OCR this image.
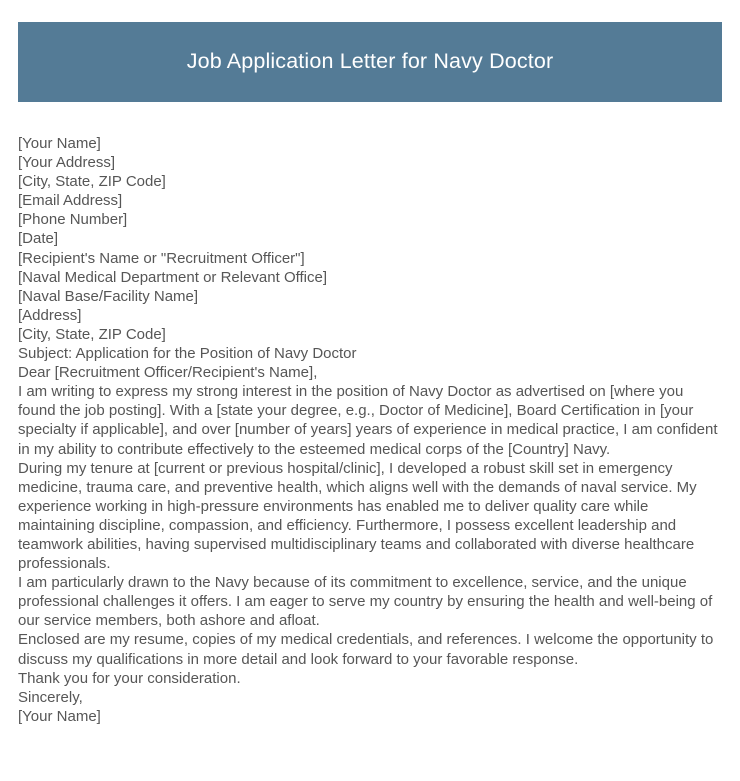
Job Application Letter for Navy Doctor
[Your Name]
[Your Address]
[City, State, ZIP Code]
[Email Address]
[Phone Number]
[Date]
[Recipient's Name or "Recruitment Officer"]
[Naval Medical Department or Relevant Office]
[Naval Base/Facility Name]
[Address]
[City, State, ZIP Code]
Subject: Application for the Position of Navy Doctor
Dear [Recruitment Officer/Recipient's Name],

I am writing to express my strong interest in the position of Navy Doctor as advertised on [where you found the job posting]. With a [state your degree, e.g., Doctor of Medicine], Board Certification in [your specialty if applicable], and over [number of years] years of experience in medical practice, I am confident in my ability to contribute effectively to the esteemed medical corps of the [Country] Navy.

During my tenure at [current or previous hospital/clinic], I developed a robust skill set in emergency medicine, trauma care, and preventive health, which aligns well with the demands of naval service. My experience working in high-pressure environments has enabled me to deliver quality care while maintaining discipline, compassion, and efficiency. Furthermore, I possess excellent leadership and teamwork abilities, having supervised multidisciplinary teams and collaborated with diverse healthcare professionals.

I am particularly drawn to the Navy because of its commitment to excellence, service, and the unique professional challenges it offers. I am eager to serve my country by ensuring the health and well-being of our service members, both ashore and afloat.

Enclosed are my resume, copies of my medical credentials, and references. I welcome the opportunity to discuss my qualifications in more detail and look forward to your favorable response.

Thank you for your consideration.
Sincerely,
[Your Name]
